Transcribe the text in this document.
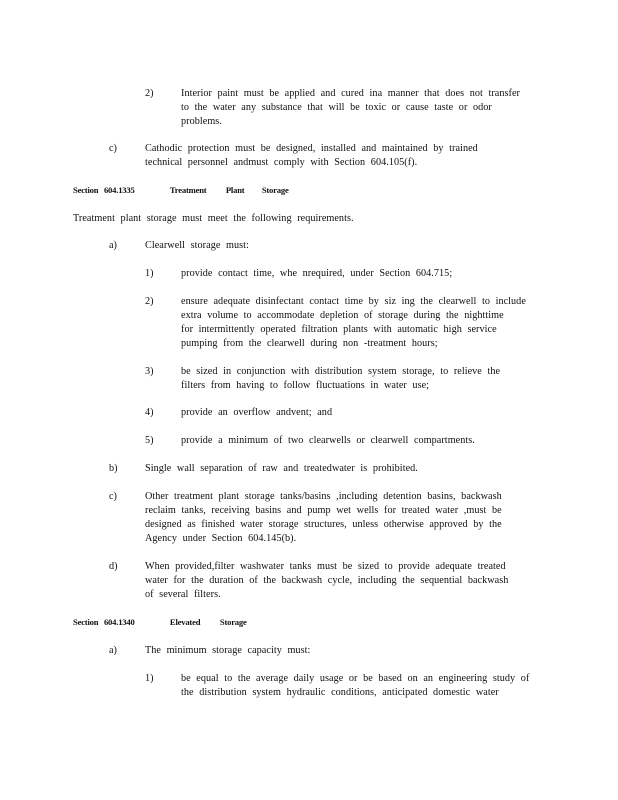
2)	Interior paint must be applied and cured ina manner that does not transfer
to the water any substance that will be toxic or cause taste or odor
problems.
c)	Cathodic protection must be designed, installed and maintained by trained
technical personnel andmust comply with Section 604.105(f).
Section 604.1335	Treatment Plant Storage
Treatment plant storage must meet the following requirements.
a)	Clearwell storage must:
1)	provide contact time, whe nrequired, under Section 604.715;
2)	ensure adequate disinfectant contact time by siz ing the clearwell to include
extra volume to accommodate depletion of storage during the nighttime
for intermittently operated filtration plants with automatic high service
pumping from the clearwell during non -treatment hours;
3)	be sized in conjunction with distribution system storage, to relieve the
filters from having to follow fluctuations in water use;
4)	provide an overflow andvent; and
5)	provide a minimum of two clearwells or clearwell compartments.
b)	Single wall separation of raw and treatedwater is prohibited.
c)	Other treatment plant storage tanks/basins ,including detention basins, backwash
reclaim tanks, receiving basins and pump wet wells for treated water ,must be
designed as finished water storage structures, unless otherwise approved by the
Agency under Section 604.145(b).
d)	When provided,filter washwater tanks must be sized to provide adequate treated
water for the duration of the backwash cycle, including the sequential backwash
of several filters.
Section 604.1340	Elevated Storage
a)	The minimum storage capacity must:
1)	be equal to the average daily usage or be based on an engineering study of
the distribution system hydraulic conditions, anticipated domestic water
